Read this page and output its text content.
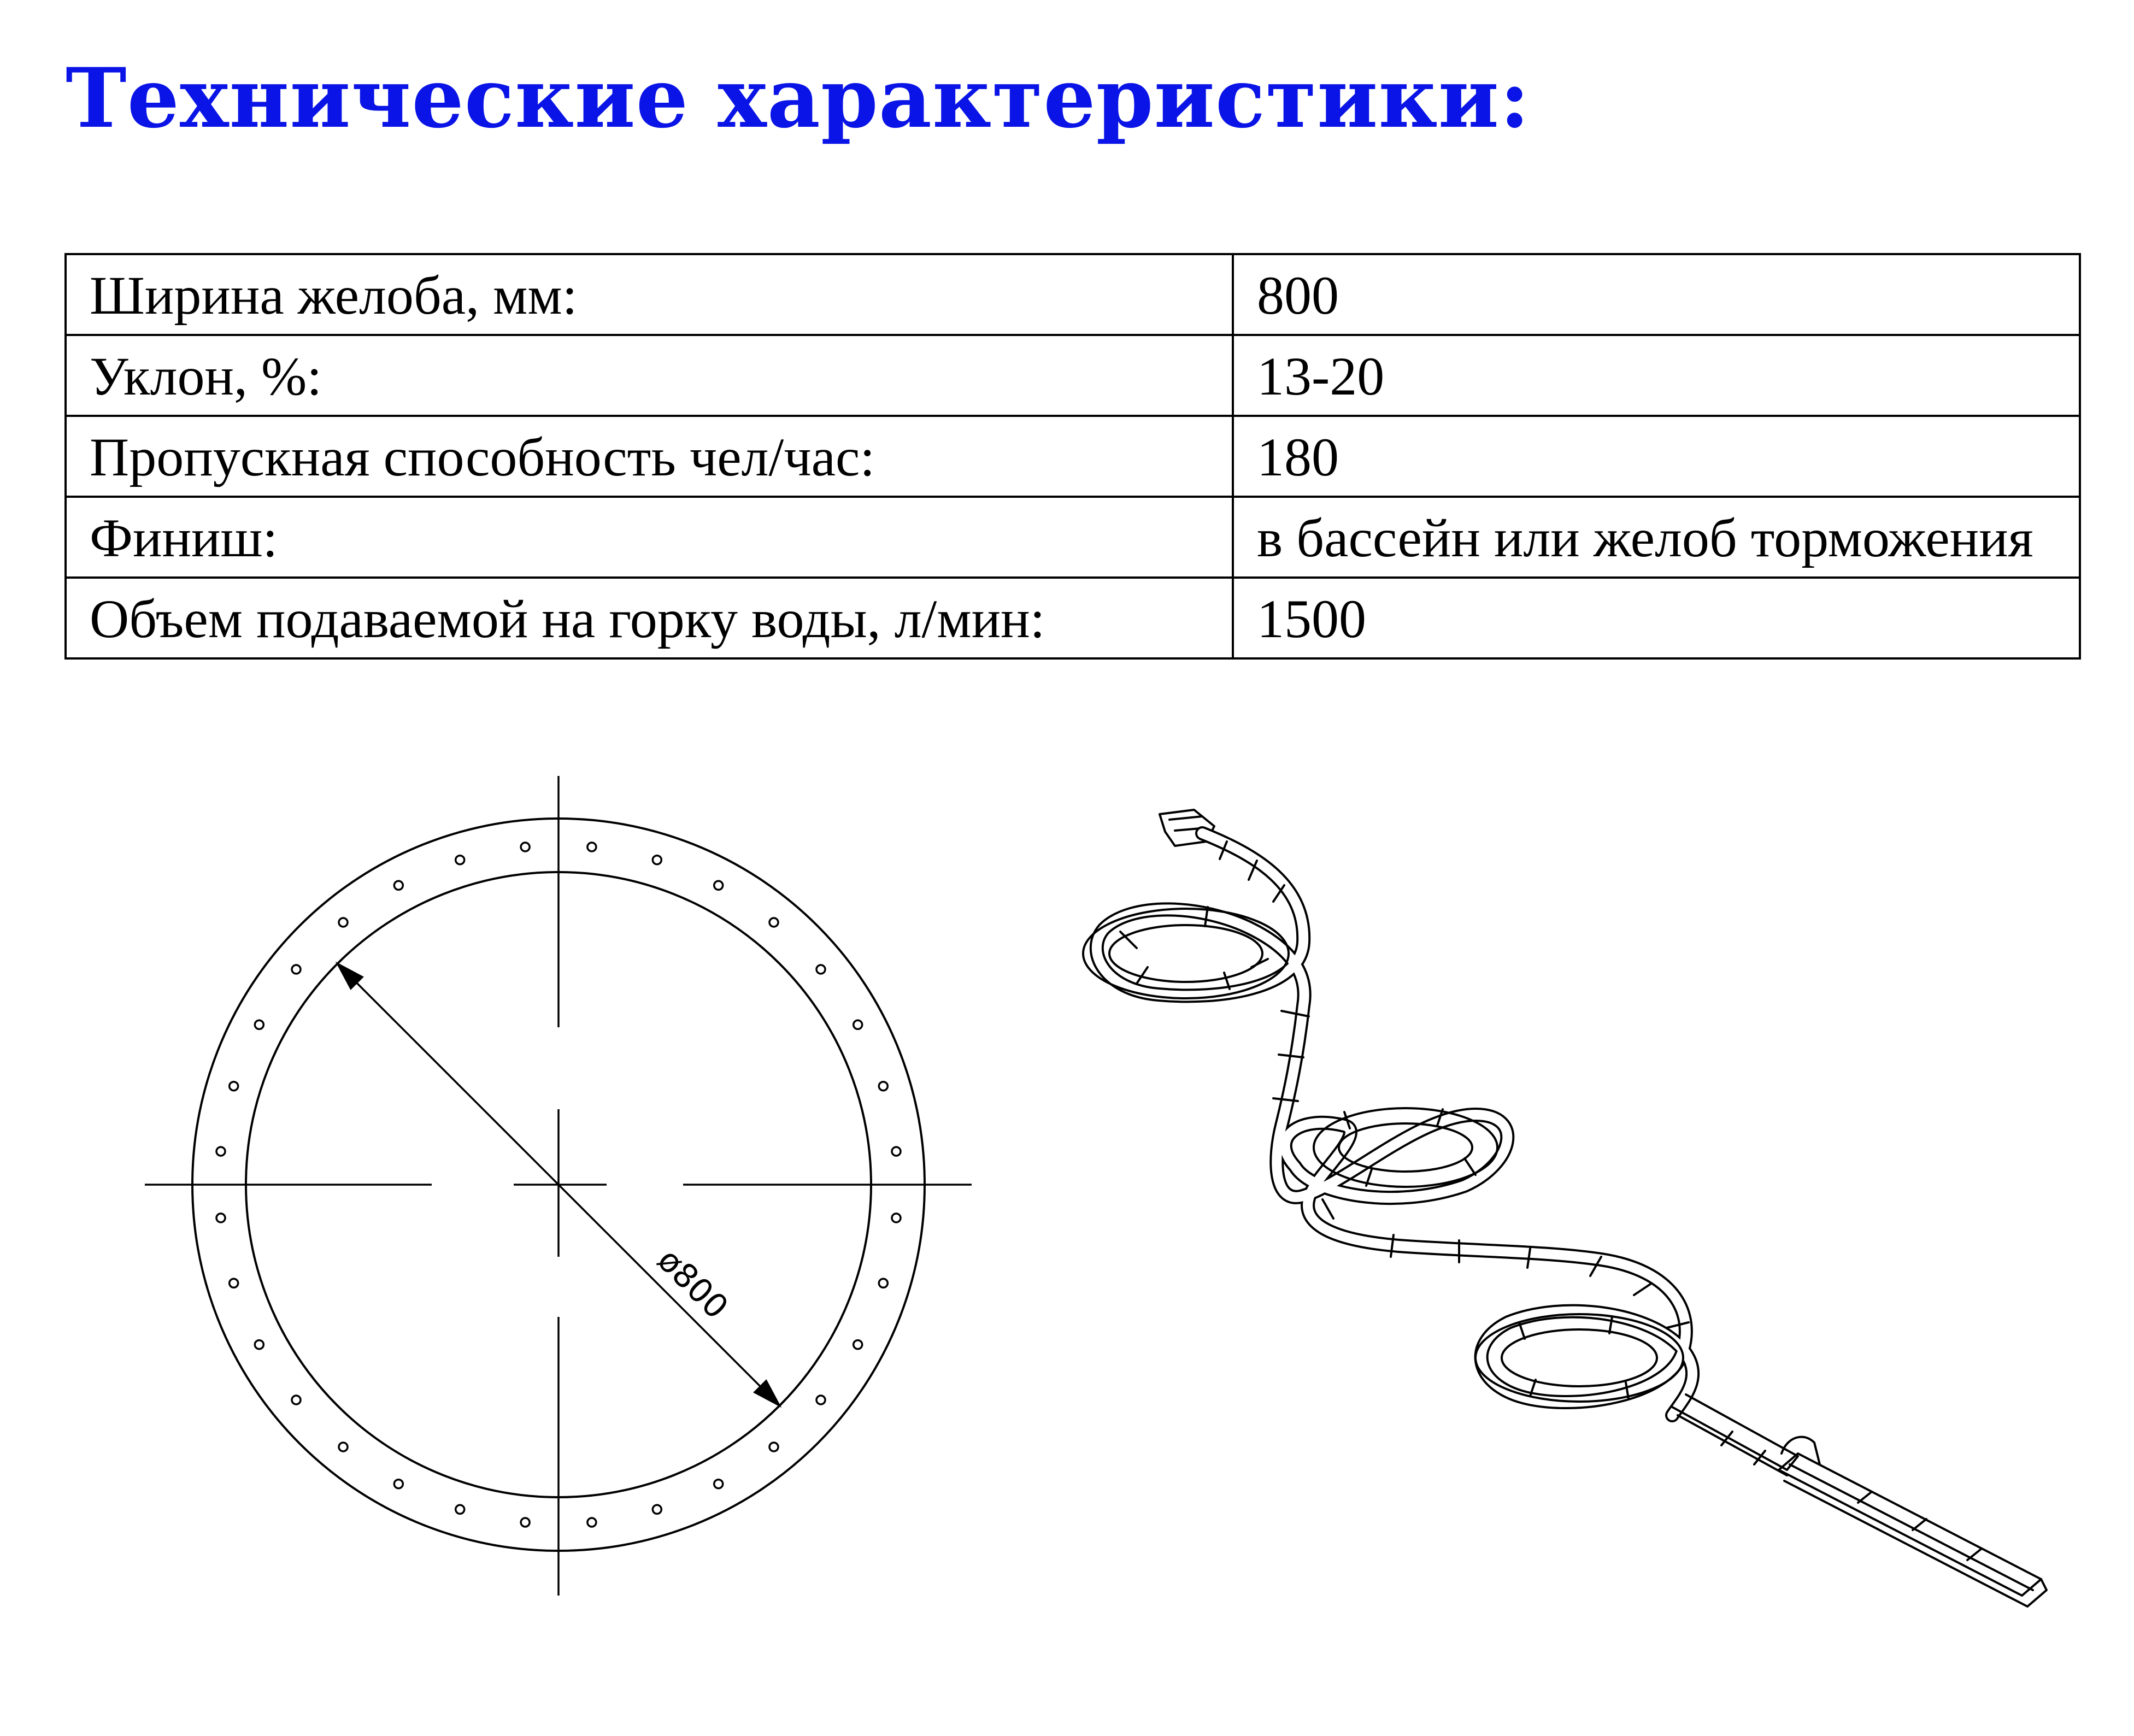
Технические характеристики:
Ширина желоба, мм:	800
Уклон, %:	13-20
Пропускная способность чел/час:	180
Финиш:	в бассейн или желоб торможения
Объем подаваемой на горку воды, л/мин:	1500
ø800
